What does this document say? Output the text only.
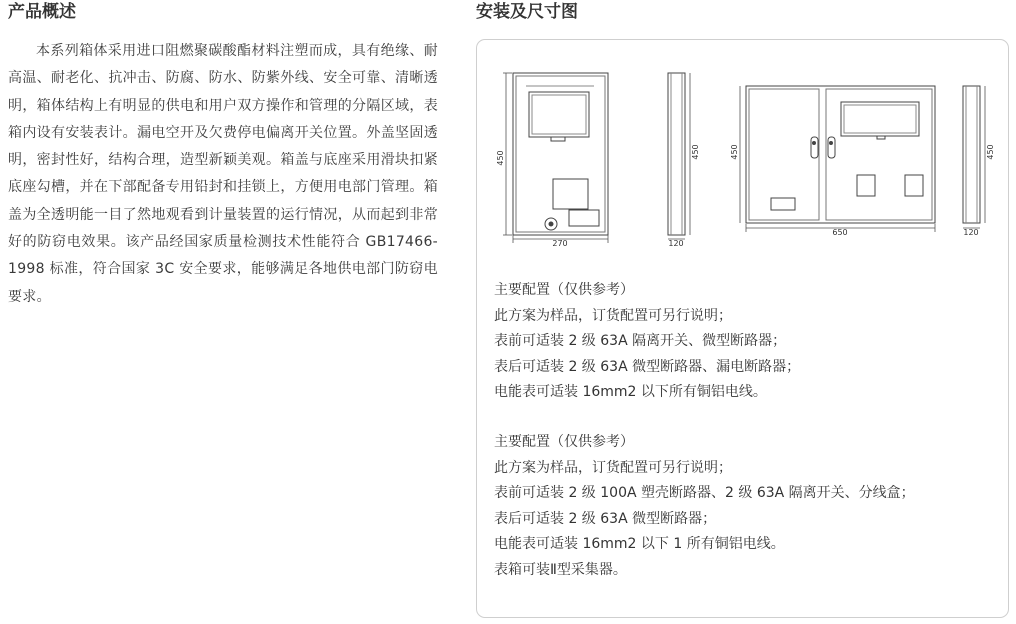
产品概述

本系列箱体采用进口阻燃聚碳酸酯材料注塑而成，具有绝缘、耐高温、耐老化、抗冲击、防腐、防水、防紫外线、安全可靠、清晰透明，箱体结构上有明显的供电和用户双方操作和管理的分隔区域，表箱内设有安装表计。漏电空开及欠费停电偏离开关位置。外盖坚固透明，密封性好，结构合理，造型新颖美观。箱盖与底座采用滑块扣紧底座勾槽，并在下部配备专用铅封和挂锁上，方便用电部门管理。箱盖为全透明能一目了然地观看到计量装置的运行情况，从而起到非常好的防窃电效果。该产品经国家质量检测技术性能符合 GB17466-1998 标准，符合国家 3C 安全要求，能够满足各地供电部门防窃电要求。

安装及尺寸图
450
270
450
120
450
650
450
120

主要配置（仅供参考）

此方案为样品，订货配置可另行说明；

表前可适装 2 级 63A 隔离开关、微型断路器；

表后可适装 2 级 63A 微型断路器、漏电断路器；

电能表可适装 16mm2 以下所有铜铝电线。

主要配置（仅供参考）

此方案为样品，订货配置可另行说明；

表前可适装 2 级 100A 塑壳断路器、2 级 63A 隔离开关、分线盒；

表后可适装 2 级 63A 微型断路器；

电能表可适装 16mm2 以下 1 所有铜铝电线。

表箱可装Ⅱ型采集器。
